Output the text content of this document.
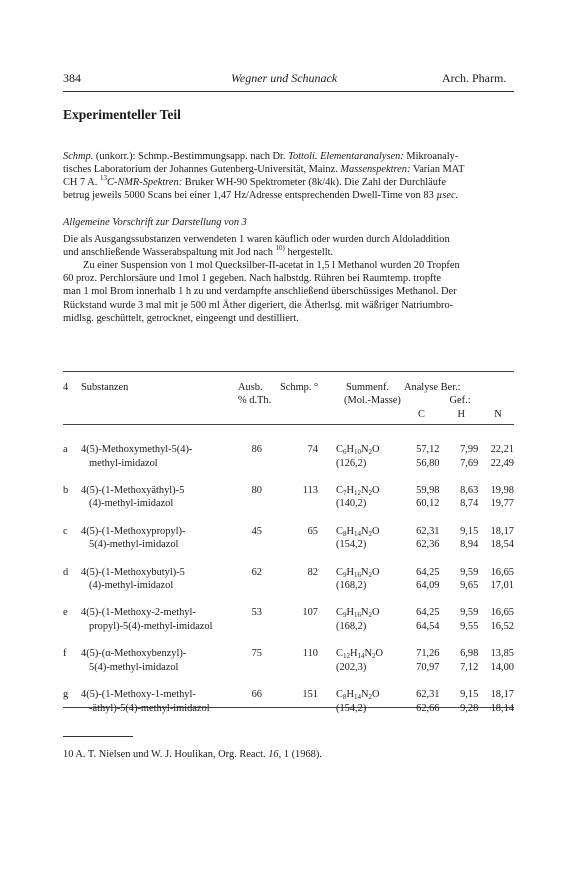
384	Wegner und Schunack	Arch. Pharm.
Experimenteller Teil
Schmp. (unkorr.): Schmp.-Bestimmungsapp. nach Dr. Tottoli. Elementaranalysen: Mikroanaly-
tisches Laboratorium der Johannes Gutenberg-Universität, Mainz. Massenspektren: Varian MAT
CH 7 A. $^{13}$C-NMR-Spektren: Bruker WH-90 Spektrometer (8k/4k). Die Zahl der Durchläufe
betrug jeweils 5000 Scans bei einer 1,47 Hz/Adresse entsprechenden Dwell-Time von 83 µsec.
Allgemeine Vorschrift zur Darstellung von 3
Die als Ausgangssubstanzen verwendeten 1 waren käuflich oder wurden durch Aldoladdition
und anschließende Wasserabspaltung mit Jod nach $^{10)}$ hergestellt.
Zu einer Suspension von 1 mol Quecksilber-II-acetat in 1,5 l Methanol wurden 20 Tropfen
60 proz. Perchlorsäure und 1mol 1 gegeben. Nach halbstdg. Rühren bei Raumtemp. tropfte
man 1 mol Brom innerhalb 1 h zu und verdampfte anschließend überschüssiges Methanol. Der
Rückstand wurde 3 mal mit je 500 ml Äther digeriert, die Ätherlsg. mit wäßriger Natriumbro-
midlsg. geschüttelt, getrocknet, eingeengt und destilliert.
4	Substanzen	Ausb.	Schmp. °	Summenf.	Analyse Ber.:		
		% d.Th.		(Mol.-Masse)		Gef.:	
					C	H	N

a	4(5)-Methoxymethyl-5(4)-	86	74	$C_6H_{10}N_2O$	57,12	7,99	22,21
	methyl-imidazol			(126,2)	56,80	7,69	22,49

b	4(5)-(1-Methoxyäthyl)-5	80	113	$C_7H_{12}N_2O$	59,98	8,63	19,98
	(4)-methyl-imidazol			(140,2)	60,12	8,74	19,77

c	4(5)-(1-Methoxypropyl)-	45	65	$C_8H_{14}N_2O$	62,31	9,15	18,17
	5(4)-methyl-imidazol			(154,2)	62,36	8,94	18,54

d	4(5)-(1-Methoxybutyl)-5	62	82	$C_9H_{16}N_2O$	64,25	9,59	16,65
	(4)-methyl-imidazol			(168,2)	64,09	9,65	17,01

e	4(5)-(1-Methoxy-2-methyl-	53	107	$C_9H_{16}N_2O$	64,25	9,59	16,65
	propyl)-5(4)-methyl-imidazol			(168,2)	64,54	9,55	16,52

f	4(5)-(α-Methoxybenzyl)-	75	110	$C_{12}H_{14}N_2O$	71,26	6,98	13,85
	5(4)-methyl-imidazol			(202,3)	70,97	7,12	14,00

g	4(5)-(1-Methoxy-1-methyl-	66	151	$C_8H_{14}N_2O$	62,31	9,15	18,17
	-äthyl)-5(4)-methyl-imidazol			(154,2)	62,66	9,28	18,14
10 A. T. Nielsen und W. J. Houlikan, Org. React. 16, 1 (1968).
